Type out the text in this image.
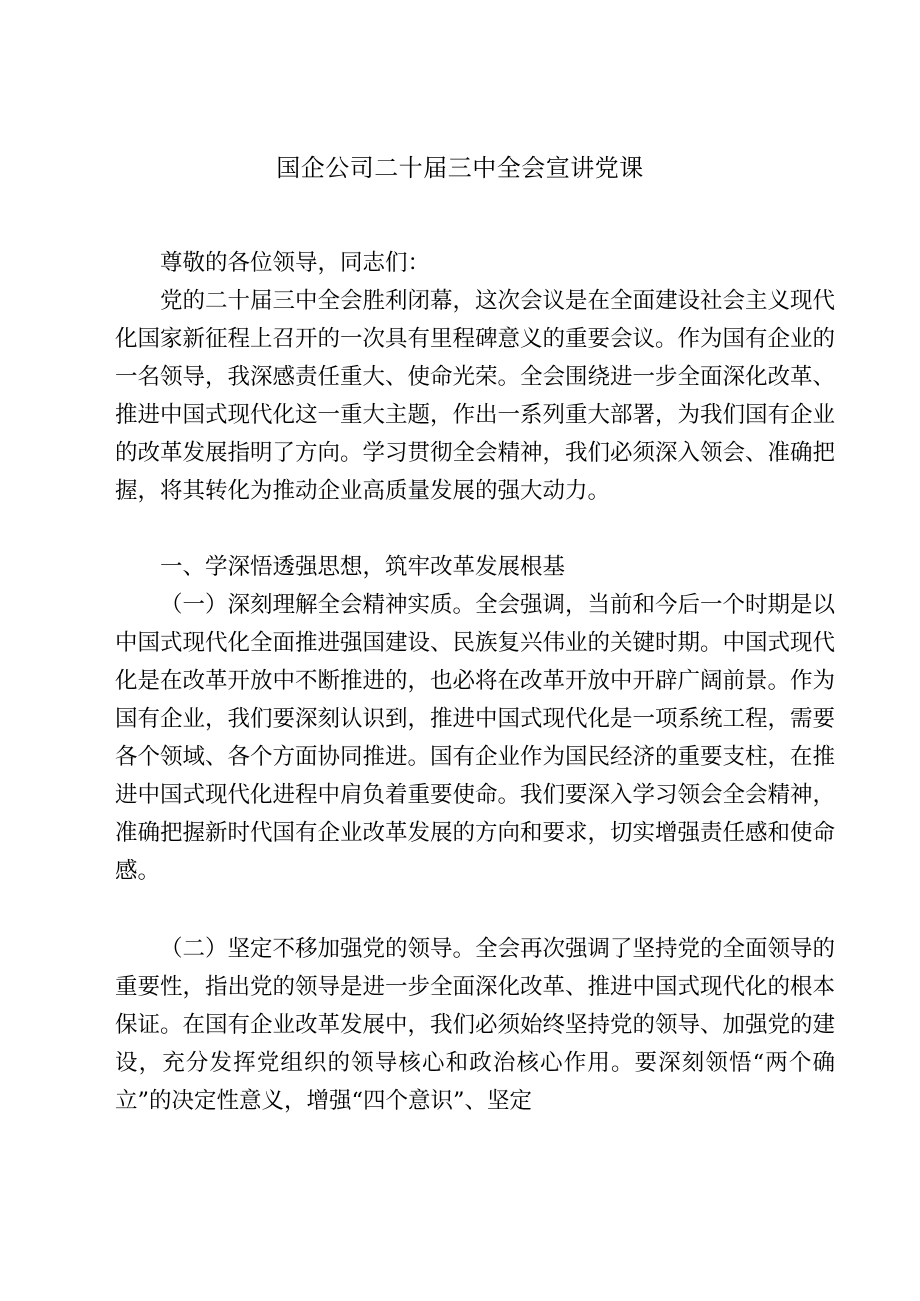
国企公司二十届三中全会宣讲党课

尊敬的各位领导，同志们：

党的二十届三中全会胜利闭幕，这次会议是在全面建设社会主义现代化国家新征程上召开的一次具有里程碑意义的重要会议。作为国有企业的一名领导，我深感责任重大、使命光荣。全会围绕进一步全面深化改革、推进中国式现代化这一重大主题，作出一系列重大部署，为我们国有企业的改革发展指明了方向。学习贯彻全会精神，我们必须深入领会、准确把握，将其转化为推动企业高质量发展的强大动力。

一、学深悟透强思想，筑牢改革发展根基

（一）深刻理解全会精神实质。全会强调，当前和今后一个时期是以中国式现代化全面推进强国建设、民族复兴伟业的关键时期。中国式现代化是在改革开放中不断推进的，也必将在改革开放中开辟广阔前景。作为国有企业，我们要深刻认识到，推进中国式现代化是一项系统工程，需要各个领域、各个方面协同推进。国有企业作为国民经济的重要支柱，在推进中国式现代化进程中肩负着重要使命。我们要深入学习领会全会精神，准确把握新时代国有企业改革发展的方向和要求，切实增强责任感和使命感。

（二）坚定不移加强党的领导。全会再次强调了坚持党的全面领导的重要性，指出党的领导是进一步全面深化改革、推进中国式现代化的根本保证。在国有企业改革发展中，我们必须始终坚持党的领导、加强党的建设，充分发挥党组织的领导核心和政治核心作用。要深刻领悟“两个确立”的决定性意义，增强“四个意识”、坚定
